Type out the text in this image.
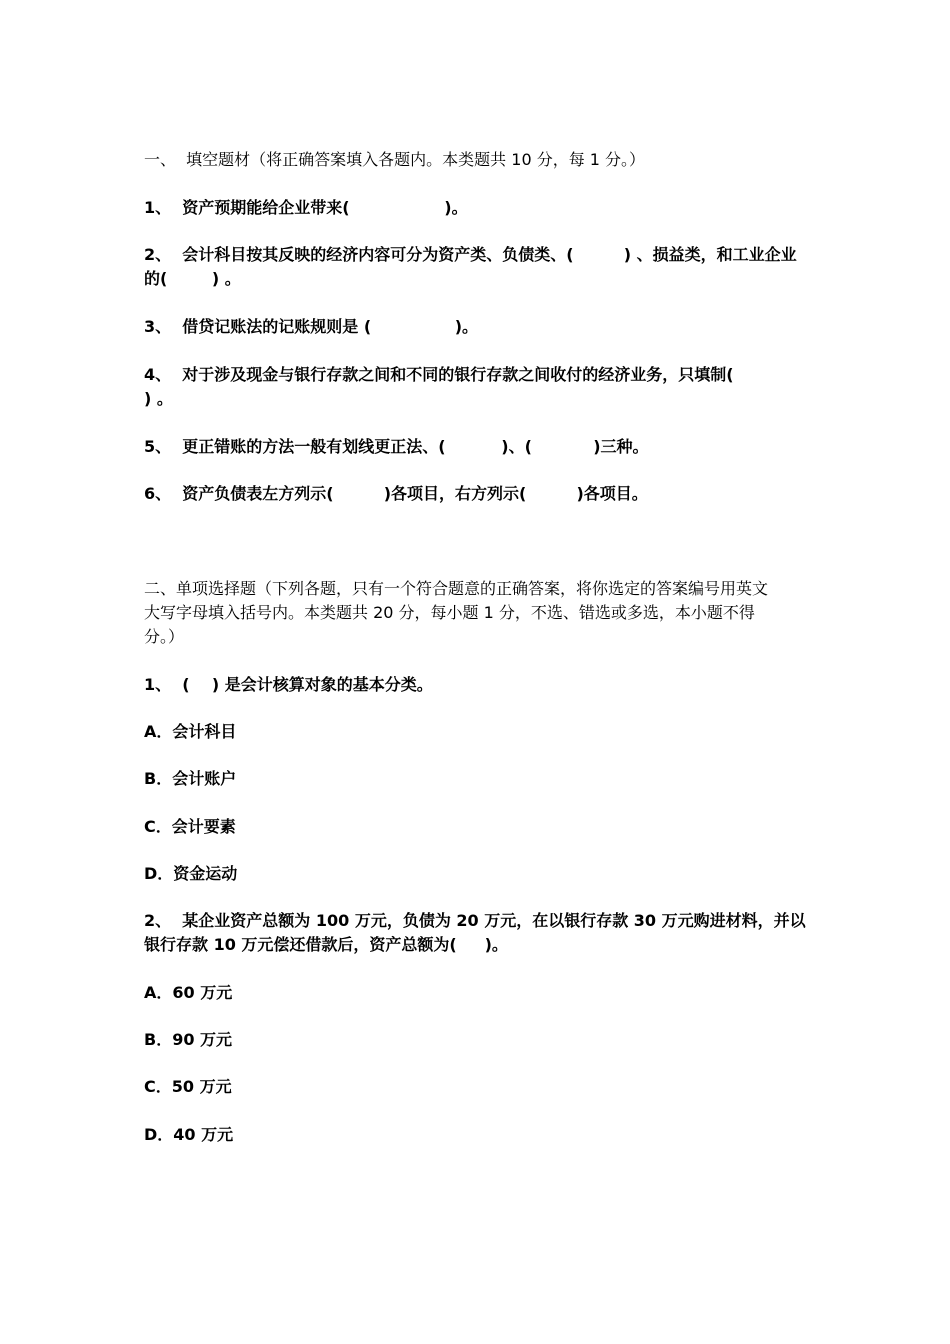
一、  填空题材（将正确答案填入各题内。本类题共 10 分，每 1 分。）
1、  资产预期能给企业带来(                 )。
2、  会计科目按其反映的经济内容可分为资产类、负债类、(         ) 、损益类，和工业企业
的(        ) 。
3、  借贷记账法的记账规则是 (               )。
4、  对于涉及现金与银行存款之间和不同的银行存款之间收付的经济业务，只填制(
) 。
5、  更正错账的方法一般有划线更正法、(          )、(           )三种。
6、  资产负债表左方列示(         )各项目，右方列示(         )各项目。
二、单项选择题（下列各题，只有一个符合题意的正确答案，将你选定的答案编号用英文
大写字母填入括号内。本类题共 20 分，每小题 1 分，不选、错选或多选，本小题不得
分。）
1、  (    ) 是会计核算对象的基本分类。
A．会计科目
B．会计账户
C．会计要素
D．资金运动
2、  某企业资产总额为 100 万元，负债为 20 万元，在以银行存款 30 万元购进材料，并以
银行存款 10 万元偿还借款后，资产总额为(     )。
A．60 万元
B．90 万元
C．50 万元
D．40 万元
